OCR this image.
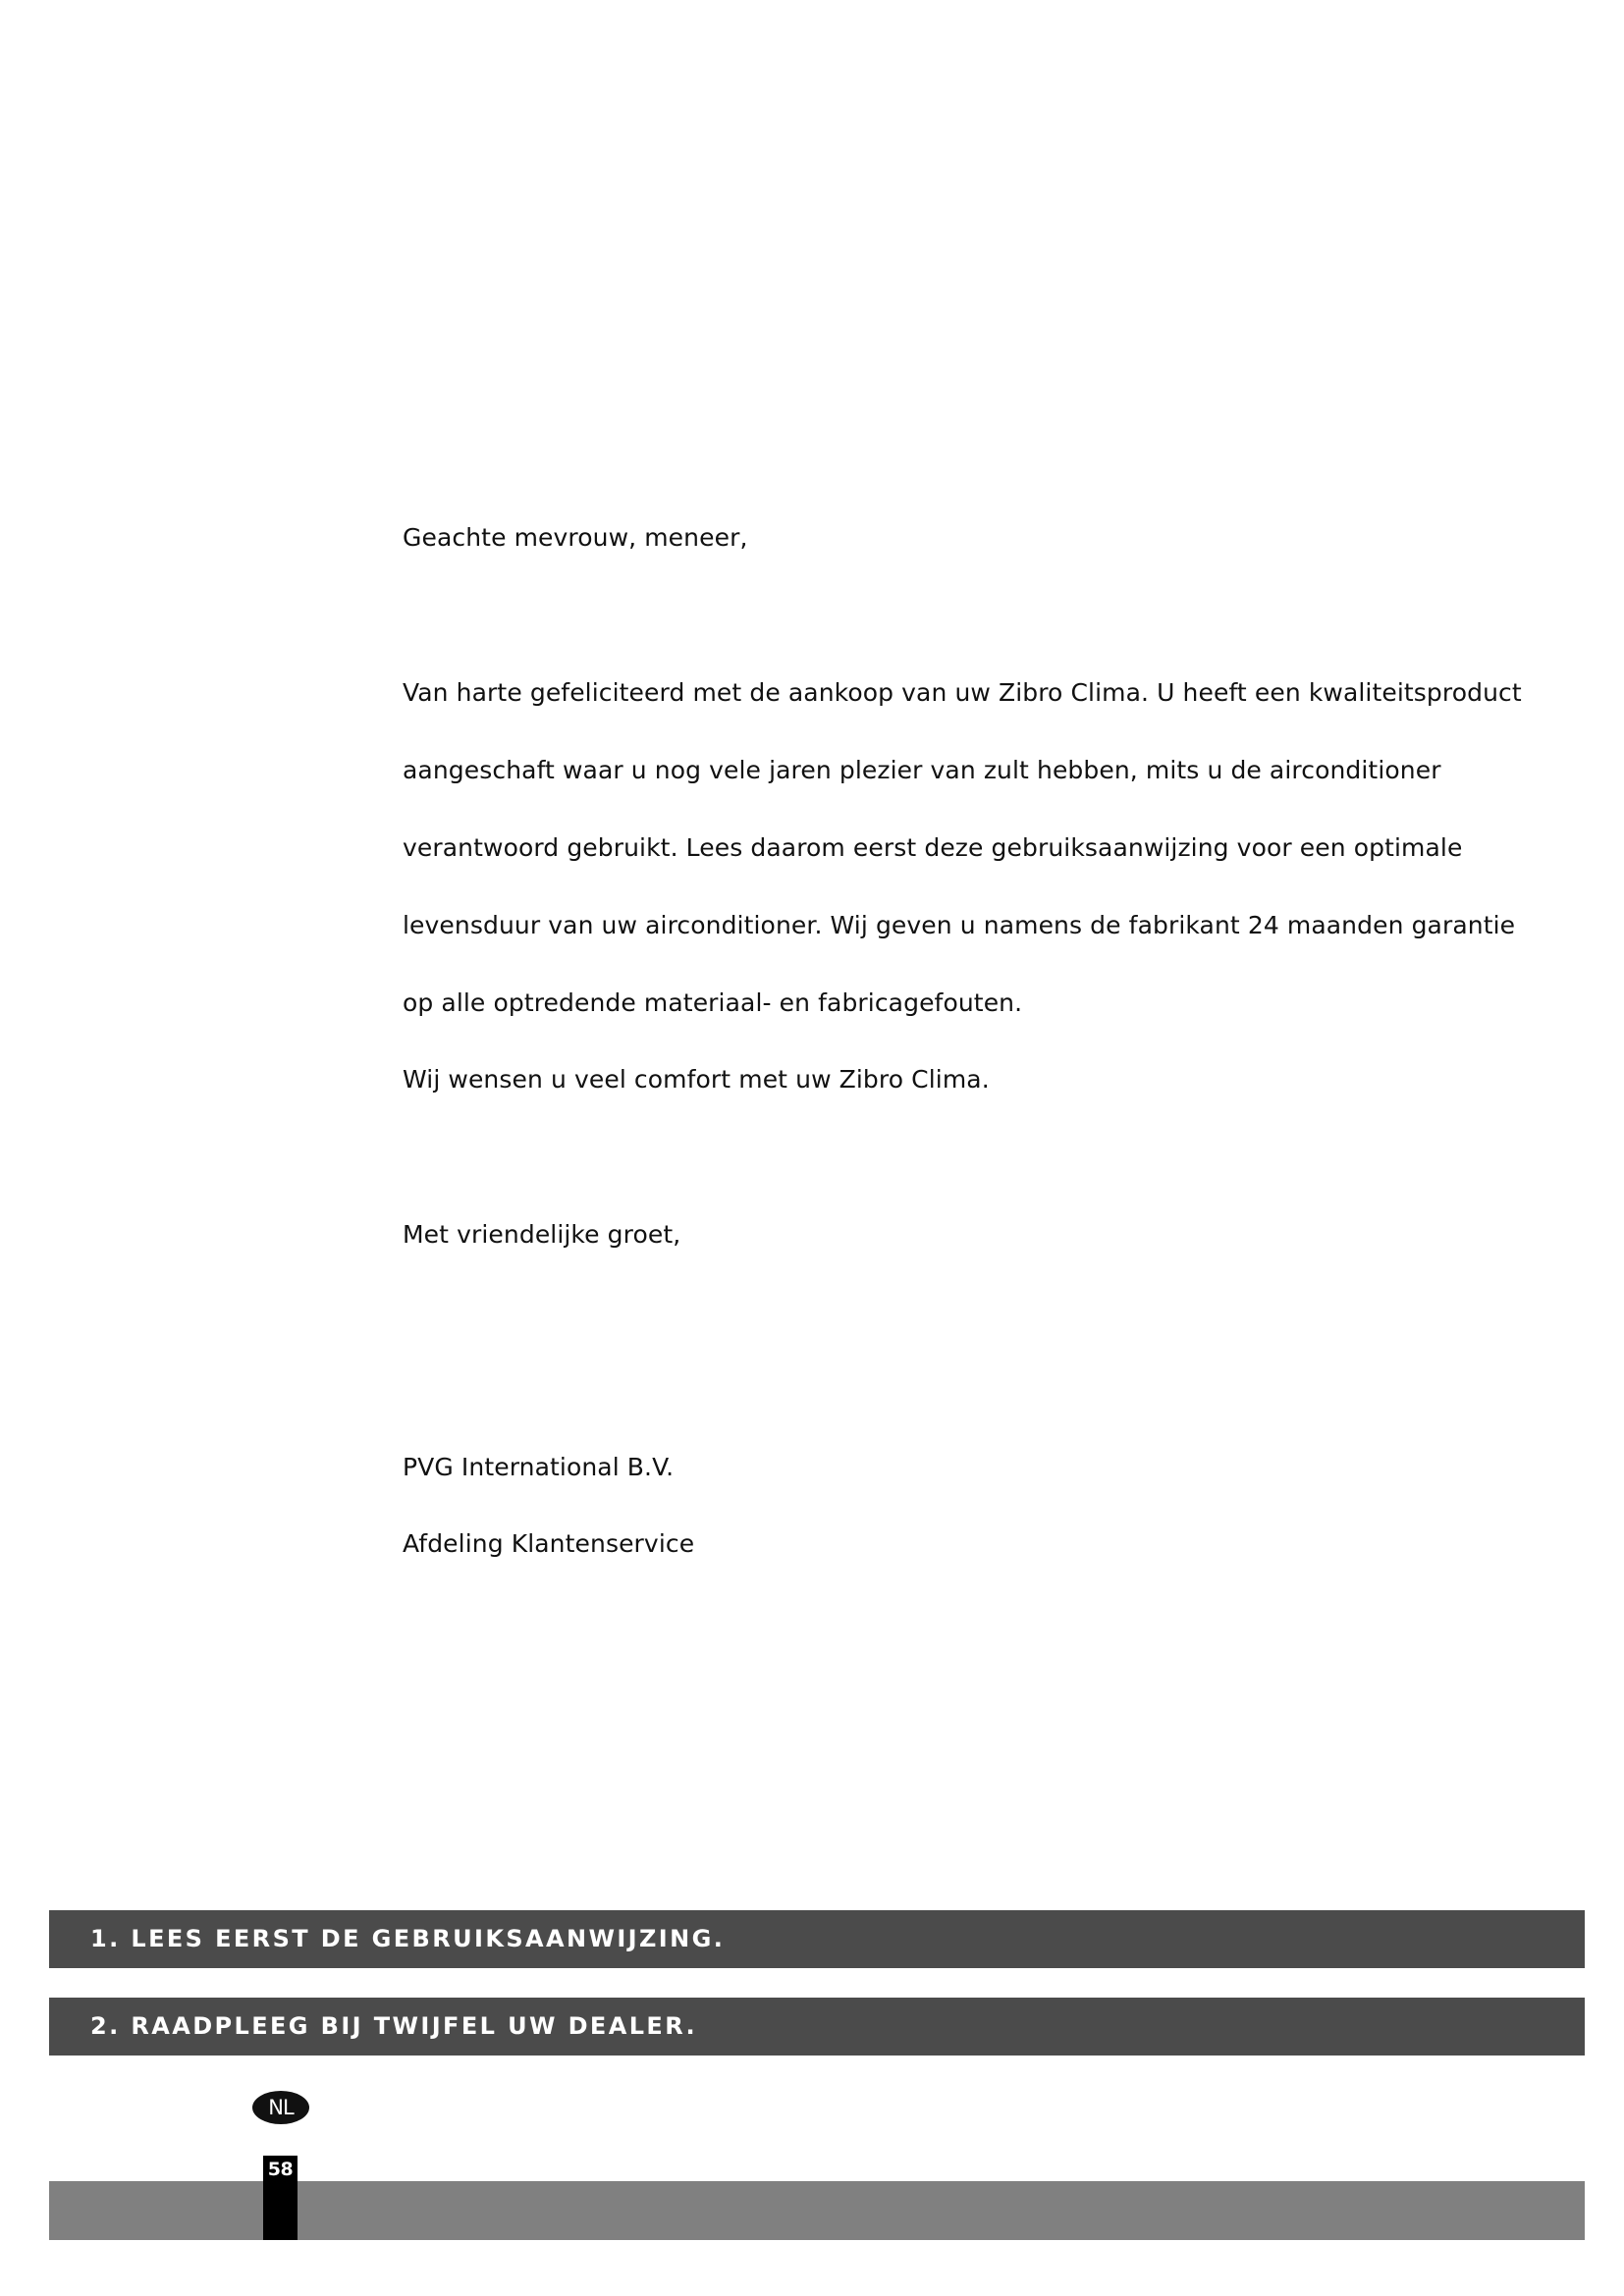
Geachte mevrouw, meneer,
Van harte gefeliciteerd met de aankoop van uw Zibro Clima. U heeft een kwaliteitsproduct
aangeschaft waar u nog vele jaren plezier van zult hebben, mits u de airconditioner
verantwoord gebruikt. Lees daarom eerst deze gebruiksaanwijzing voor een optimale
levensduur van uw airconditioner. Wij geven u namens de fabrikant 24 maanden garantie
op alle optredende materiaal- en fabricagefouten.
Wij wensen u veel comfort met uw Zibro Clima.
Met vriendelijke groet,
PVG International B.V.
Afdeling Klantenservice
1. LEES EERST DE GEBRUIKSAANWIJZING.
2. RAADPLEEG BIJ TWIJFEL UW DEALER.
NL
58
